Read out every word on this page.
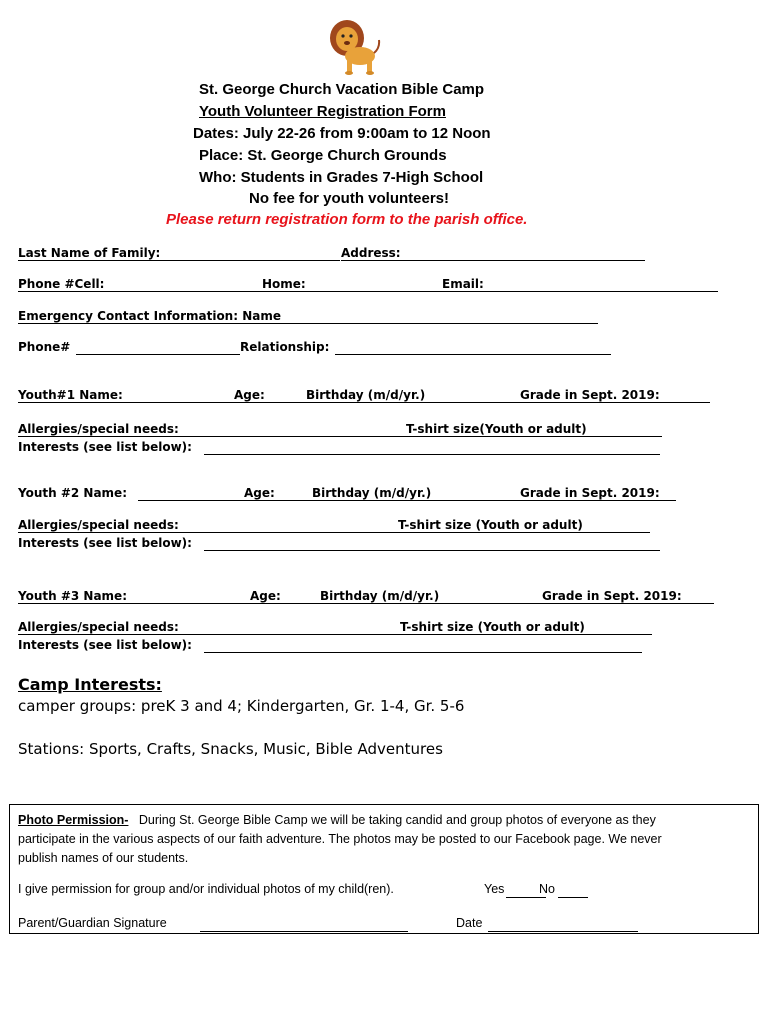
St. George Church Vacation Bible Camp
Youth Volunteer Registration Form
Dates: July 22-26 from 9:00am to 12 Noon
Place: St. George Church Grounds
Who: Students in Grades 7-High School
No fee for youth volunteers!
Please return registration form to the parish office.
Last Name of Family:	Address:
Phone #Cell:	Home:	Email:
Emergency Contact Information: Name
Phone#	Relationship:
Youth#1 Name:	Age:	Birthday (m/d/yr.)	Grade in Sept. 2019:
Allergies/special needs:	T-shirt size(Youth or adult)
Interests (see list below):
Youth #2 Name:	Age:	Birthday (m/d/yr.)	Grade in Sept. 2019:
Allergies/special needs:	T-shirt size (Youth or adult)
Interests (see list below):
Youth #3 Name:	Age:	Birthday (m/d/yr.)	Grade in Sept. 2019:
Allergies/special needs:	T-shirt size (Youth or adult)
Interests (see list below):
Camp Interests:
camper groups: preK 3 and 4; Kindergarten, Gr. 1-4, Gr. 5-6
Stations: Sports, Crafts, Snacks, Music, Bible Adventures
Photo Permission- During St. George Bible Camp we will be taking candid and group photos of everyone as they
participate in the various aspects of our faith adventure. The photos may be posted to our Facebook page. We never
publish names of our students.
I give permission for group and/or individual photos of my child(ren).	Yes	No
Parent/Guardian Signature	Date
